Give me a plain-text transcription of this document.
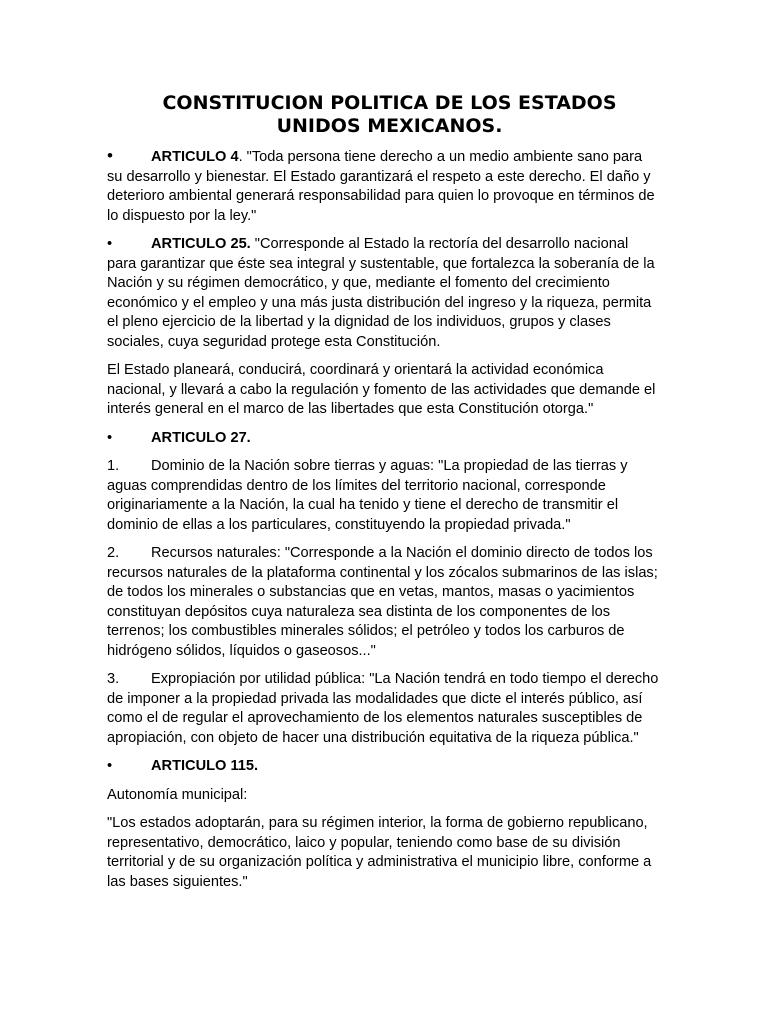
CONSTITUCION POLITICA DE LOS ESTADOS UNIDOS MEXICANOS.

•	ARTICULO 4. "Toda persona tiene derecho a un medio ambiente sano para su desarrollo y bienestar. El Estado garantizará el respeto a este derecho. El daño y deterioro ambiental generará responsabilidad para quien lo provoque en términos de lo dispuesto por la ley."

•	ARTICULO 25. "Corresponde al Estado la rectoría del desarrollo nacional para garantizar que éste sea integral y sustentable, que fortalezca la soberanía de la Nación y su régimen democrático, y que, mediante el fomento del crecimiento económico y el empleo y una más justa distribución del ingreso y la riqueza, permita el pleno ejercicio de la libertad y la dignidad de los individuos, grupos y clases sociales, cuya seguridad protege esta Constitución.

El Estado planeará, conducirá, coordinará y orientará la actividad económica nacional, y llevará a cabo la regulación y fomento de las actividades que demande el interés general en el marco de las libertades que esta Constitución otorga."

•	ARTICULO 27.

1. Dominio de la Nación sobre tierras y aguas: "La propiedad de las tierras y aguas comprendidas dentro de los límites del territorio nacional, corresponde originariamente a la Nación, la cual ha tenido y tiene el derecho de transmitir el dominio de ellas a los particulares, constituyendo la propiedad privada."

2. Recursos naturales: "Corresponde a la Nación el dominio directo de todos los recursos naturales de la plataforma continental y los zócalos submarinos de las islas; de todos los minerales o substancias que en vetas, mantos, masas o yacimientos constituyan depósitos cuya naturaleza sea distinta de los componentes de los terrenos; los combustibles minerales sólidos; el petróleo y todos los carburos de hidrógeno sólidos, líquidos o gaseosos..."

3. Expropiación por utilidad pública: "La Nación tendrá en todo tiempo el derecho de imponer a la propiedad privada las modalidades que dicte el interés público, así como el de regular el aprovechamiento de los elementos naturales susceptibles de apropiación, con objeto de hacer una distribución equitativa de la riqueza pública."

•	ARTICULO 115.

Autonomía municipal:

"Los estados adoptarán, para su régimen interior, la forma de gobierno republicano, representativo, democrático, laico y popular, teniendo como base de su división territorial y de su organización política y administrativa el municipio libre, conforme a las bases siguientes."
